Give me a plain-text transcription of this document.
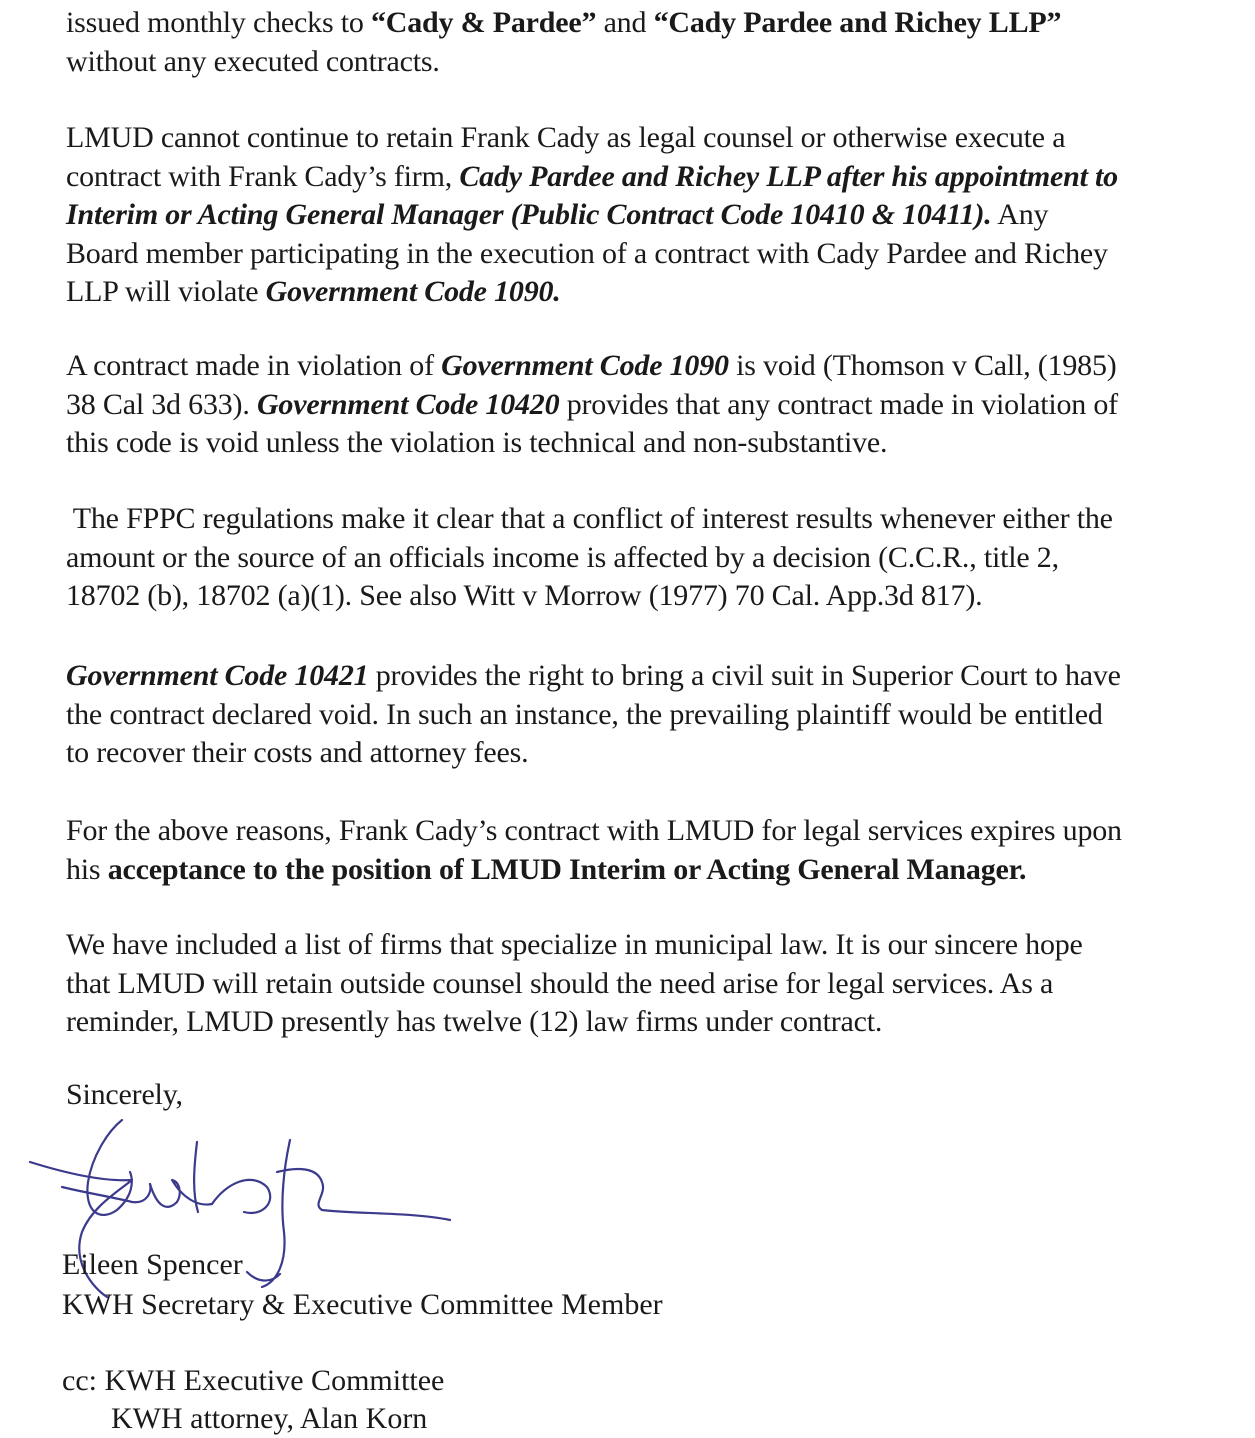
issued monthly checks to “Cady & Pardee” and “Cady Pardee and Richey LLP”
without any executed contracts.
LMUD cannot continue to retain Frank Cady as legal counsel or otherwise execute a
contract with Frank Cady’s firm, Cady Pardee and Richey LLP after his appointment to
Interim or Acting General Manager (Public Contract Code 10410 & 10411). Any
Board member participating in the execution of a contract with Cady Pardee and Richey
LLP will violate Government Code 1090.
A contract made in violation of Government Code 1090 is void (Thomson v Call, (1985)
38 Cal 3d 633). Government Code 10420 provides that any contract made in violation of
this code is void unless the violation is technical and non-substantive.
The FPPC regulations make it clear that a conflict of interest results whenever either the
amount or the source of an officials income is affected by a decision (C.C.R., title 2,
18702 (b), 18702 (a)(1). See also Witt v Morrow (1977) 70 Cal. App.3d 817).
Government Code 10421 provides the right to bring a civil suit in Superior Court to have
the contract declared void. In such an instance, the prevailing plaintiff would be entitled
to recover their costs and attorney fees.
For the above reasons, Frank Cady’s contract with LMUD for legal services expires upon
his acceptance to the position of LMUD Interim or Acting General Manager.
We have included a list of firms that specialize in municipal law. It is our sincere hope
that LMUD will retain outside counsel should the need arise for legal services. As a
reminder, LMUD presently has twelve (12) law firms under contract.
Sincerely,
Eileen Spencer
KWH Secretary & Executive Committee Member
cc: KWH Executive Committee
KWH attorney, Alan Korn
